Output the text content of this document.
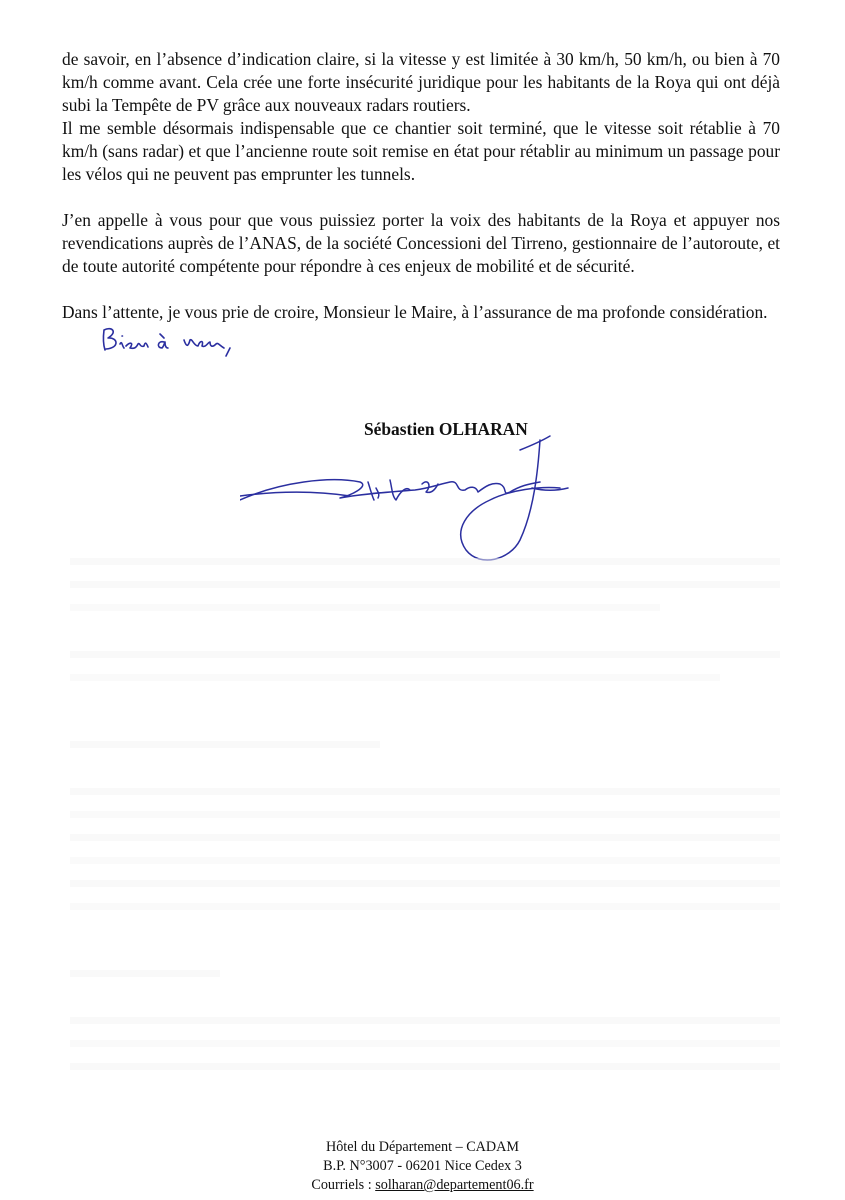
de savoir, en l’absence d’indication claire, si la vitesse y est limitée à 30 km/h, 50 km/h, ou bien à 70 km/h comme avant. Cela crée une forte insécurité juridique pour les habitants de la Roya qui ont déjà subi la Tempête de PV grâce aux nouveaux radars routiers.

Il me semble désormais indispensable que ce chantier soit terminé, que le vitesse soit rétablie à 70 km/h (sans radar) et que l’ancienne route soit remise en état pour rétablir au minimum un passage pour les vélos qui ne peuvent pas emprunter les tunnels.

J’en appelle à vous pour que vous puissiez porter la voix des habitants de la Roya et appuyer nos revendications auprès de l’ANAS, de la société Concessioni del Tirreno, gestionnaire de l’autoroute, et de toute autorité compétente pour répondre à ces enjeux de mobilité et de sécurité.

Dans l’attente, je vous prie de croire, Monsieur le Maire, à l’assurance de ma profonde considération.

Sébastien OLHARAN

Hôtel du Département – CADAM
B.P. N°3007 - 06201 Nice Cedex 3
Courriels : solharan@departement06.fr
